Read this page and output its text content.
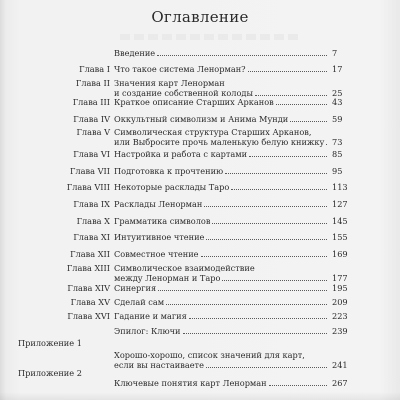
Оглавление
Введение	7
Глава I Что такое система Ленорман?	17
Глава II Значения карт Ленорман
и создание собственной колоды	25
Глава III Краткое описание Старших Арканов	43
Глава IV Оккультный символизм и Анима Мунди	59
Глава V Символическая структура Старших Арканов,
или Выбросите прочь маленькую белую книжку 73
Глава VI Настройка и работа с картами	85
Глава VII Подготовка к прочтению	95
Глава VIII Некоторые расклады Таро	113
Глава IX Расклады Ленорман	127
Глава X Грамматика символов	145
Глава XI Интуитивное чтение	155
Глава XII Совместное чтение	169
Глава XIII Символическое взаимодействие
между Ленорман и Таро	177
Глава XIV Синергия	195
Глава XV Сделай сам	209
Глава XVI Гадание и магия	223
Эпилог: Ключи	239
Приложение 1
Хорошо-хорошо, список значений для карт,
если вы настаиваете	241
Приложение 2
Ключевые понятия карт Ленорман	267
